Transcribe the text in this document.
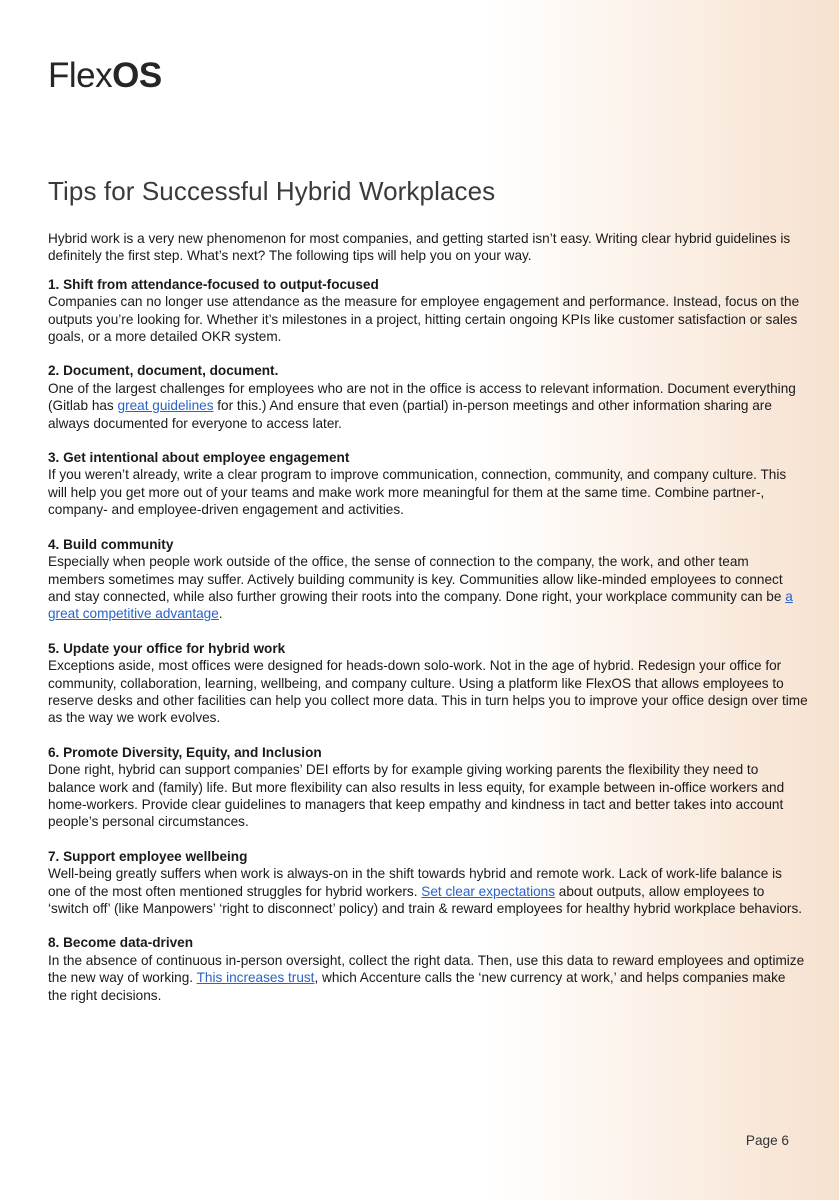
FlexOS
Tips for Successful Hybrid Workplaces

Hybrid work is a very new phenomenon for most companies, and getting started isn’t easy. Writing clear hybrid guidelines is definitely the first step. What’s next? The following tips will help you on your way.

1. Shift from attendance-focused to output-focused

Companies can no longer use attendance as the measure for employee engagement and performance. Instead, focus on the outputs you’re looking for. Whether it’s milestones in a project, hitting certain ongoing KPIs like customer satisfaction or sales goals, or a more detailed OKR system.

2. Document, document, document.

One of the largest challenges for employees who are not in the office is access to relevant information. Document everything (Gitlab has great guidelines for this.) And ensure that even (partial) in-person meetings and other information sharing are always documented for everyone to access later.

3. Get intentional about employee engagement

If you weren’t already, write a clear program to improve communication, connection, community, and company culture. This will help you get more out of your teams and make work more meaningful for them at the same time. Combine partner-, company- and employee-driven engagement and activities.

4. Build community

Especially when people work outside of the office, the sense of connection to the company, the work, and other team members sometimes may suffer. Actively building community is key. Communities allow like-minded employees to connect and stay connected, while also further growing their roots into the company. Done right, your workplace community can be a great competitive advantage.

5. Update your office for hybrid work

Exceptions aside, most offices were designed for heads-down solo-work. Not in the age of hybrid. Redesign your office for community, collaboration, learning, wellbeing, and company culture. Using a platform like FlexOS that allows employees to reserve desks and other facilities can help you collect more data. This in turn helps you to improve your office design over time as the way we work evolves.

6. Promote Diversity, Equity, and Inclusion

Done right, hybrid can support companies’ DEI efforts by for example giving working parents the flexibility they need to balance work and (family) life. But more flexibility can also results in less equity, for example between in-office workers and home-workers. Provide clear guidelines to managers that keep empathy and kindness in tact and better takes into account people’s personal circumstances.

7. Support employee wellbeing

Well-being greatly suffers when work is always-on in the shift towards hybrid and remote work. Lack of work-life balance is one of the most often mentioned struggles for hybrid workers. Set clear expectations about outputs, allow employees to ‘switch off’ (like Manpowers’ ‘right to disconnect’ policy) and train & reward employees for healthy hybrid workplace behaviors.

8. Become data-driven

In the absence of continuous in-person oversight, collect the right data. Then, use this data to reward employees and optimize the new way of working. This increases trust, which Accenture calls the ‘new currency at work,’ and helps companies make the right decisions.

Page 6
